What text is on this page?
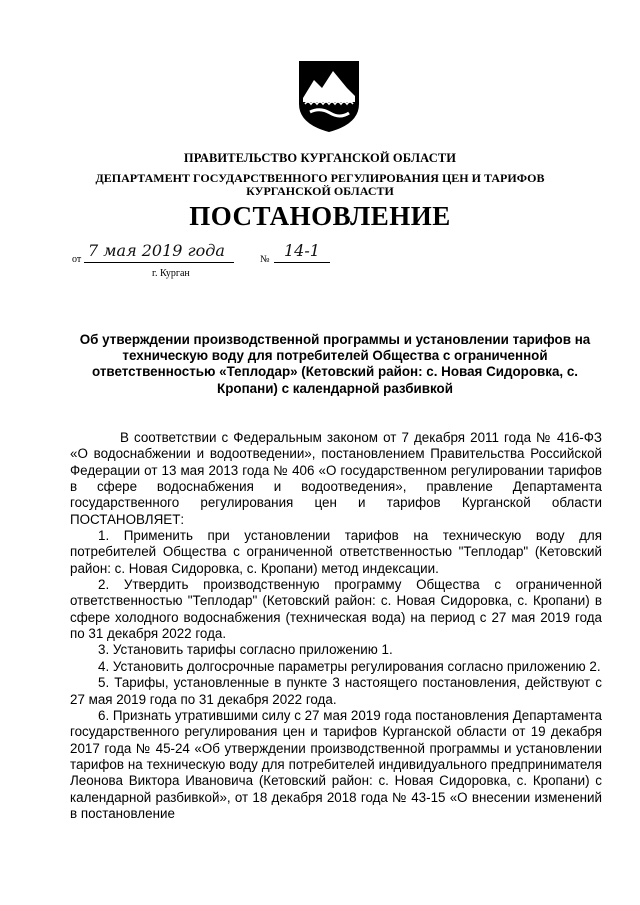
ПРАВИТЕЛЬСТВО КУРГАНСКОЙ ОБЛАСТИ
ДЕПАРТАМЕНТ ГОСУДАРСТВЕННОГО РЕГУЛИРОВАНИЯ ЦЕН И ТАРИФОВ
КУРГАНСКОЙ ОБЛАСТИ
ПОСТАНОВЛЕНИЕ
от 7 мая 2019 года	№ 14-1
г. Курган
Об утверждении производственной программы и установлении тарифов на техническую воду для потребителей Общества с ограниченной ответственностью «Теплодар» (Кетовский район: с. Новая Сидоровка, с. Кропани) с календарной разбивкой

В соответствии с Федеральным законом от 7 декабря 2011 года № 416-ФЗ «О водоснабжении и водоотведении», постановлением Правительства Российской Федерации от 13 мая 2013 года № 406 «О государственном регулировании тарифов в сфере водоснабжения и водоотведения», правление Департамента государственного регулирования цен и тарифов Курганской области ПОСТАНОВЛЯЕТ:

1. Применить при установлении тарифов на техническую воду для потребителей Общества с ограниченной ответственностью "Теплодар" (Кетовский район: с. Новая Сидоровка, с. Кропани) метод индексации.

2. Утвердить производственную программу Общества с ограниченной ответственностью "Теплодар" (Кетовский район: с. Новая Сидоровка, с. Кропани) в сфере холодного водоснабжения (техническая вода) на период с 27 мая 2019 года по 31 декабря 2022 года.

3. Установить тарифы согласно приложению 1.

4. Установить долгосрочные параметры регулирования согласно приложению 2.

5. Тарифы, установленные в пункте 3 настоящего постановления, действуют с 27 мая 2019 года по 31 декабря 2022 года.

6. Признать утратившими силу с 27 мая 2019 года постановления Департамента государственного регулирования цен и тарифов Курганской области от 19 декабря 2017 года № 45-24 «Об утверждении производственной программы и установлении тарифов на техническую воду для потребителей индивидуального предпринимателя Леонова Виктора Ивановича (Кетовский район: с. Новая Сидоровка, с. Кропани) с календарной разбивкой», от 18 декабря 2018 года № 43-15 «О внесении изменений в постановление
